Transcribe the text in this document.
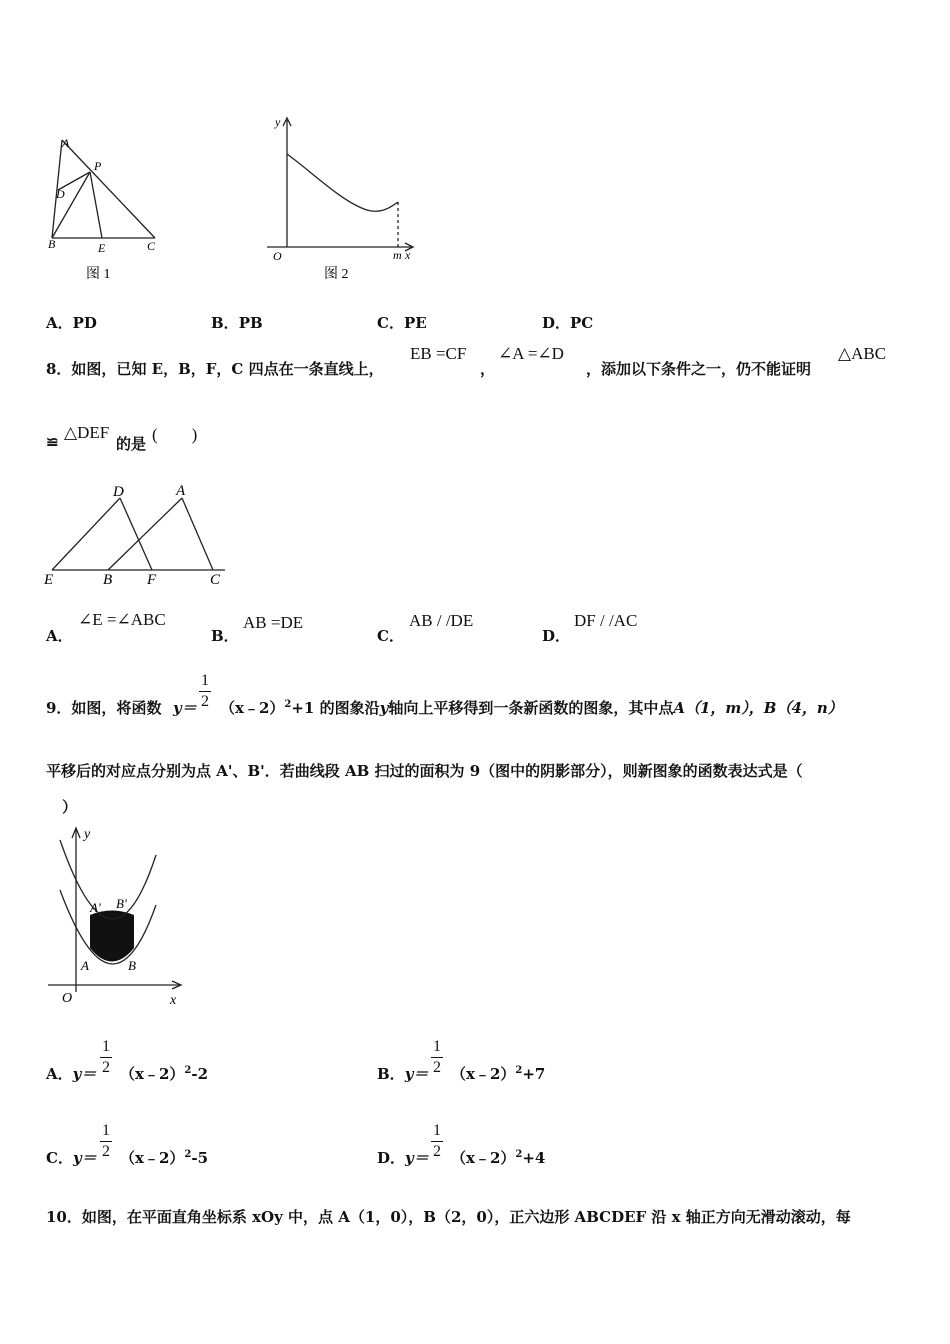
A
P
D
B	E	C
图 1
y
O	m x
图 2
A．PD	B．PB	C．PE	D．PC
8．如图，已知 E，B，F，C 四点在一条直线上，
EB =CF
，
∠A =∠D
，添加以下条件之一，仍不能证明
△ABC
≌ △DEF
的是 (　　)
D	A
E	B F	C
A．
∠E =∠ABC
B．
AB =DE
C．
AB / /DE
D．
DF / /AC
9．如图，将函数 y＝
1
2 （x﹣2）$^2$+1 的图象沿y轴向上平移得到一条新函数的图象，其中点A（1，m），B（4，n）
平移后的对应点分别为点 A'、B'．若曲线段 AB 扫过的面积为 9（图中的阴影部分），则新图象的函数表达式是（
）
y
A' B'
A	B
O	x
A．y＝
1
2 （x﹣2）$^2$-2	B．y＝
1
2 （x﹣2）$^2$+7
C．y＝
1
2 （x﹣2）$^2$-5	D．y＝
1
2 （x﹣2）$^2$+4
10．如图，在平面直角坐标系 xOy 中，点 A（1，0），B（2，0），正六边形 ABCDEF 沿 x 轴正方向无滑动滚动，每
